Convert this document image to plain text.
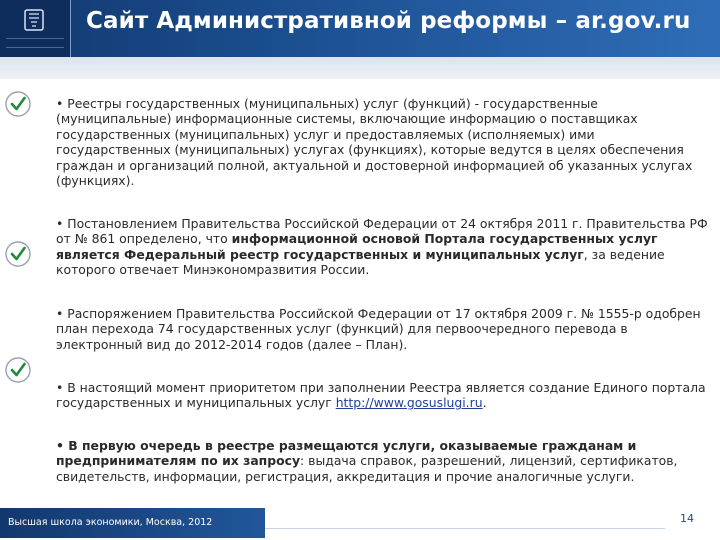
Сайт Административной реформы – ar.gov.ru
• Реестры государственных (муниципальных) услуг (функций) - государственные (муниципальные) информационные системы, включающие информацию о поставщиках государственных (муниципальных) услуг и предоставляемых (исполняемых) ими государственных (муниципальных) услугах (функциях), которые ведутся в целях обеспечения граждан и организаций полной, актуальной и достоверной информацией об указанных услугах (функциях).
• Постановлением Правительства Российской Федерации от 24 октября 2011 г. Правительства РФ от № 861 определено, что информационной основой Портала государственных услуг является Федеральный реестр государственных и муниципальных услуг, за ведение которого отвечает Минэкономразвития России.
• Распоряжением Правительства Российской Федерации от 17 октября 2009 г. № 1555-р одобрен план перехода 74 государственных услуг (функций) для первоочередного перевода в электронный вид до 2012-2014 годов (далее – План).
• В настоящий момент приоритетом при заполнении Реестра является создание Единого портала государственных и муниципальных услуг http://www.gosuslugi.ru.
• В первую очередь в реестре размещаются услуги, оказываемые гражданам и предпринимателям по их запросу: выдача справок, разрешений, лицензий, сертификатов, свидетельств, информации, регистрация, аккредитация и прочие аналогичные услуги.
Высшая школа экономики, Москва, 2012	14
